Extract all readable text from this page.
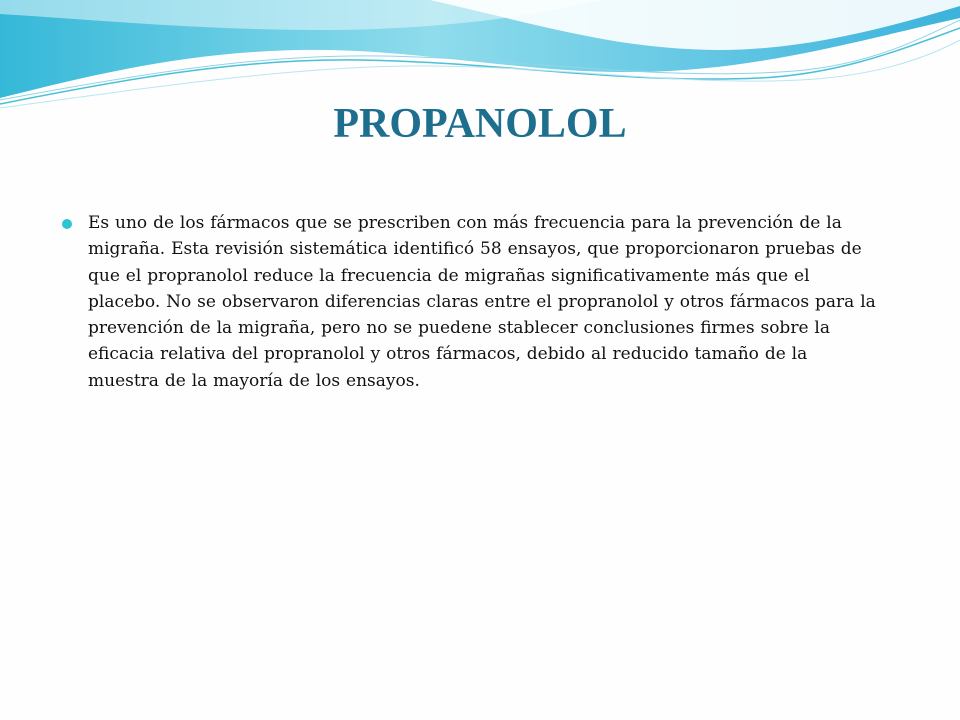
PROPANOLOL
Es uno de los fármacos que se prescriben con más frecuencia para la prevención de la migraña. Esta revisión sistemática identificó 58 ensayos, que proporcionaron pruebas de que el propranolol reduce la frecuencia de migrañas significativamente más que el placebo. No se observaron diferencias claras entre el propranolol y otros fármacos para la prevención de la migraña, pero no se puedene stablecer conclusiones firmes sobre la eficacia relativa del propranolol y otros fármacos, debido al reducido tamaño de la muestra de la mayoría de los ensayos.
